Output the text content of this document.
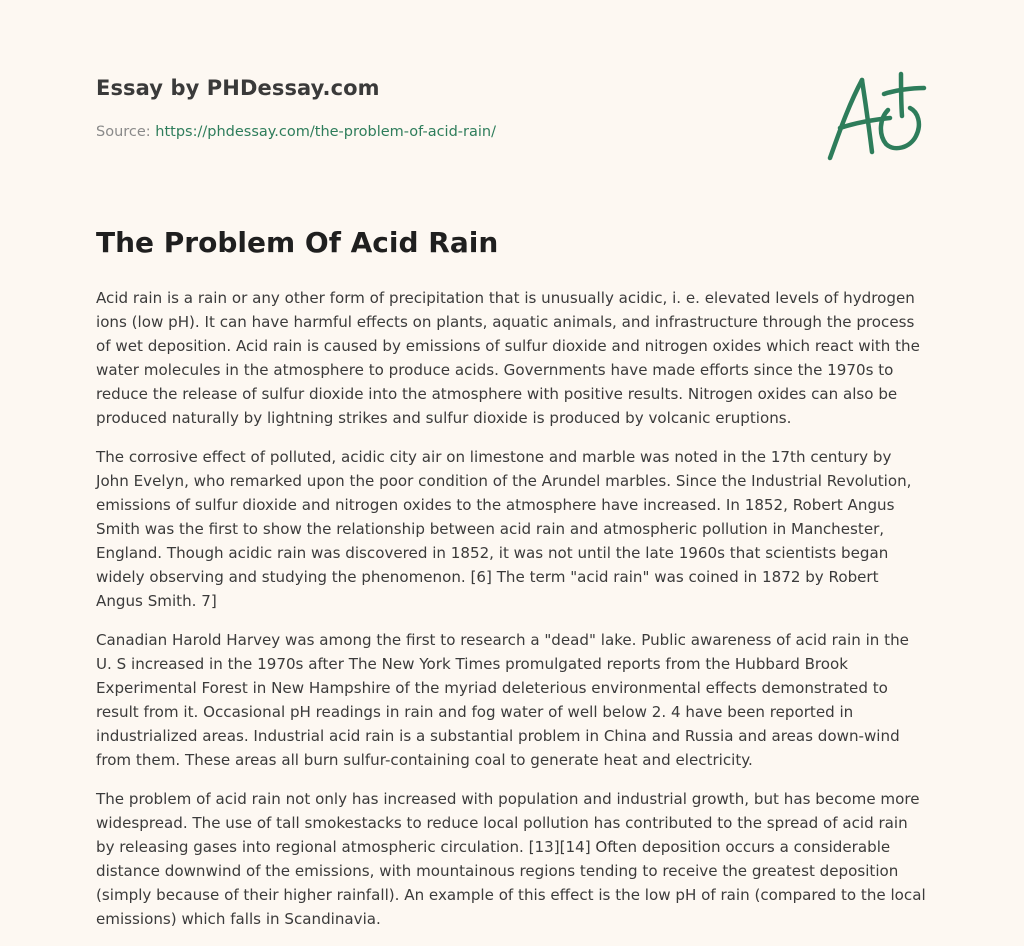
Essay by PHDessay.com
Source: https://phdessay.com/the-problem-of-acid-rain/
The Problem Of Acid Rain

Acid rain is a rain or any other form of precipitation that is unusually acidic, i. e. elevated levels of hydrogen ions (low pH). It can have harmful effects on plants, aquatic animals, and infrastructure through the process of wet deposition. Acid rain is caused by emissions of sulfur dioxide and nitrogen oxides which react with the water molecules in the atmosphere to produce acids. Governments have made efforts since the 1970s to reduce the release of sulfur dioxide into the atmosphere with positive results. Nitrogen oxides can also be produced naturally by lightning strikes and sulfur dioxide is produced by volcanic eruptions.

The corrosive effect of polluted, acidic city air on limestone and marble was noted in the 17th century by John Evelyn, who remarked upon the poor condition of the Arundel marbles. Since the Industrial Revolution, emissions of sulfur dioxide and nitrogen oxides to the atmosphere have increased. In 1852, Robert Angus Smith was the first to show the relationship between acid rain and atmospheric pollution in Manchester, England. Though acidic rain was discovered in 1852, it was not until the late 1960s that scientists began widely observing and studying the phenomenon. [6] The term "acid rain" was coined in 1872 by Robert Angus Smith. 7]

Canadian Harold Harvey was among the first to research a "dead" lake. Public awareness of acid rain in the U. S increased in the 1970s after The New York Times promulgated reports from the Hubbard Brook Experimental Forest in New Hampshire of the myriad deleterious environmental effects demonstrated to result from it. Occasional pH readings in rain and fog water of well below 2. 4 have been reported in industrialized areas. Industrial acid rain is a substantial problem in China and Russia and areas down-wind from them. These areas all burn sulfur-containing coal to generate heat and electricity.

The problem of acid rain not only has increased with population and industrial growth, but has become more widespread. The use of tall smokestacks to reduce local pollution has contributed to the spread of acid rain by releasing gases into regional atmospheric circulation. [13][14] Often deposition occurs a considerable distance downwind of the emissions, with mountainous regions tending to receive the greatest deposition (simply because of their higher rainfall). An example of this effect is the low pH of rain (compared to the local emissions) which falls in Scandinavia.
